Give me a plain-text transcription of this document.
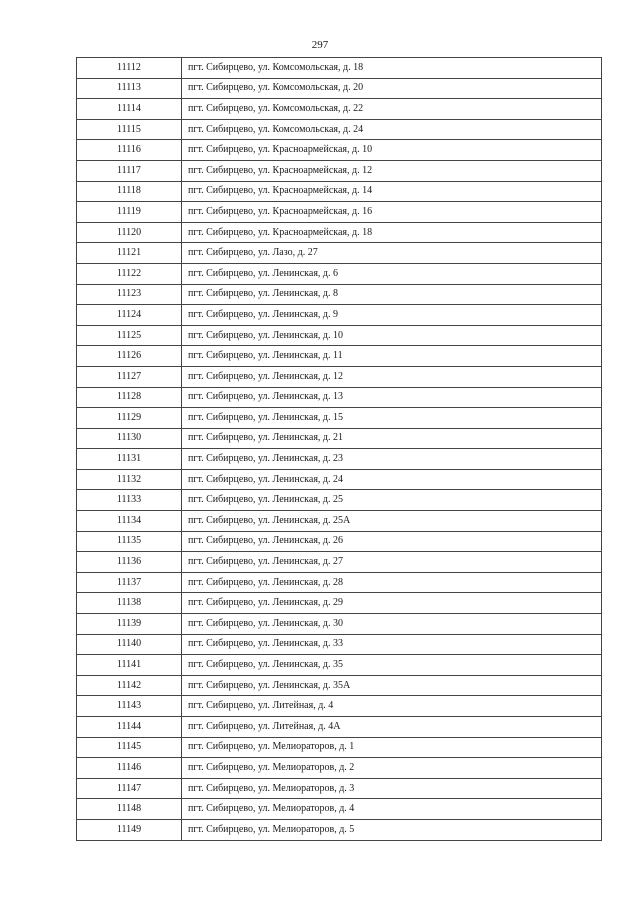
297
11112	пгт. Сибирцево, ул. Комсомольская, д. 18
11113	пгт. Сибирцево, ул. Комсомольская, д. 20
11114	пгт. Сибирцево, ул. Комсомольская, д. 22
11115	пгт. Сибирцево, ул. Комсомольская, д. 24
11116	пгт. Сибирцево, ул. Красноармейская, д. 10
11117	пгт. Сибирцево, ул. Красноармейская, д. 12
11118	пгт. Сибирцево, ул. Красноармейская, д. 14
11119	пгт. Сибирцево, ул. Красноармейская, д. 16
11120	пгт. Сибирцево, ул. Красноармейская, д. 18
11121	пгт. Сибирцево, ул. Лазо, д. 27
11122	пгт. Сибирцево, ул. Ленинская, д. 6
11123	пгт. Сибирцево, ул. Ленинская, д. 8
11124	пгт. Сибирцево, ул. Ленинская, д. 9
11125	пгт. Сибирцево, ул. Ленинская, д. 10
11126	пгт. Сибирцево, ул. Ленинская, д. 11
11127	пгт. Сибирцево, ул. Ленинская, д. 12
11128	пгт. Сибирцево, ул. Ленинская, д. 13
11129	пгт. Сибирцево, ул. Ленинская, д. 15
11130	пгт. Сибирцево, ул. Ленинская, д. 21
11131	пгт. Сибирцево, ул. Ленинская, д. 23
11132	пгт. Сибирцево, ул. Ленинская, д. 24
11133	пгт. Сибирцево, ул. Ленинская, д. 25
11134	пгт. Сибирцево, ул. Ленинская, д. 25А
11135	пгт. Сибирцево, ул. Ленинская, д. 26
11136	пгт. Сибирцево, ул. Ленинская, д. 27
11137	пгт. Сибирцево, ул. Ленинская, д. 28
11138	пгт. Сибирцево, ул. Ленинская, д. 29
11139	пгт. Сибирцево, ул. Ленинская, д. 30
11140	пгт. Сибирцево, ул. Ленинская, д. 33
11141	пгт. Сибирцево, ул. Ленинская, д. 35
11142	пгт. Сибирцево, ул. Ленинская, д. 35А
11143	пгт. Сибирцево, ул. Литейная, д. 4
11144	пгт. Сибирцево, ул. Литейная, д. 4А
11145	пгт. Сибирцево, ул. Мелиораторов, д. 1
11146	пгт. Сибирцево, ул. Мелиораторов, д. 2
11147	пгт. Сибирцево, ул. Мелиораторов, д. 3
11148	пгт. Сибирцево, ул. Мелиораторов, д. 4
11149	пгт. Сибирцево, ул. Мелиораторов, д. 5
